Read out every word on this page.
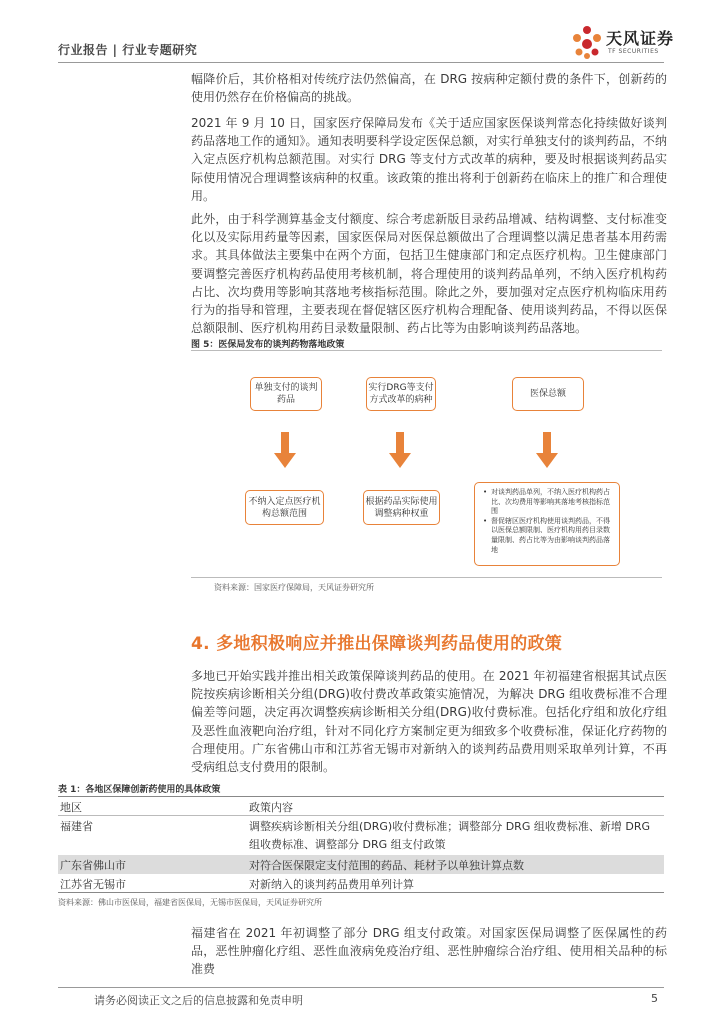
行业报告 | 行业专题研究
天风证券
TF SECURITIES
幅降价后，其价格相对传统疗法仍然偏高，在 DRG 按病种定额付费的条件下，创新药的使用仍然存在价格偏高的挑战。
2021 年 9 月 10 日，国家医疗保障局发布《关于适应国家医保谈判常态化持续做好谈判药品落地工作的通知》。通知表明要科学设定医保总额，对实行单独支付的谈判药品，不纳入定点医疗机构总额范围。对实行 DRG 等支付方式改革的病种，要及时根据谈判药品实际使用情况合理调整该病种的权重。该政策的推出将利于创新药在临床上的推广和合理使用。
此外，由于科学测算基金支付额度、综合考虑新版目录药品增减、结构调整、支付标准变化以及实际用药量等因素，国家医保局对医保总额做出了合理调整以满足患者基本用药需求。其具体做法主要集中在两个方面，包括卫生健康部门和定点医疗机构。卫生健康部门要调整完善医疗机构药品使用考核机制，将合理使用的谈判药品单列，不纳入医疗机构药占比、次均费用等影响其落地考核指标范围。除此之外，要加强对定点医疗机构临床用药行为的指导和管理，主要表现在督促辖区医疗机构合理配备、使用谈判药品，不得以医保总额限制、医疗机构用药目录数量限制、药占比等为由影响谈判药品落地。
图 5：医保局发布的谈判药物落地政策
单独支付的谈判药品
实行DRG等支付方式改革的病种
医保总额
不纳入定点医疗机构总额范围
根据药品实际使用调整病种权重
• 对谈判药品单列，不纳入医疗机构药占比、次均费用等影响其落地考核指标范围
• 督促辖区医疗机构使用谈判药品，不得以医保总额限制、医疗机构用药目录数量限制、药占比等为由影响谈判药品落地
资料来源：国家医疗保障局，天风证券研究所
4. 多地积极响应并推出保障谈判药品使用的政策
多地已开始实践并推出相关政策保障谈判药品的使用。在 2021 年初福建省根据其试点医院按疾病诊断相关分组(DRG)收付费改革政策实施情况，为解决 DRG 组收费标准不合理偏差等问题，决定再次调整疾病诊断相关分组(DRG)收付费标准。包括化疗组和放化疗组及恶性血液靶向治疗组，针对不同化疗方案制定更为细致多个收费标准，保证化疗药物的合理使用。广东省佛山市和江苏省无锡市对新纳入的谈判药品费用则采取单列计算，不再受病组总支付费用的限制。
表 1：各地区保障创新药使用的具体政策
地区	政策内容
福建省	调整疾病诊断相关分组(DRG)收付费标准；调整部分 DRG 组收费标准、新增 DRG 组收费标准、调整部分 DRG 组支付政策
广东省佛山市	对符合医保限定支付范围的药品、耗材予以单独计算点数
江苏省无锡市	对新纳入的谈判药品费用单列计算
资料来源：佛山市医保局，福建省医保局，无锡市医保局，天风证券研究所
福建省在 2021 年初调整了部分 DRG 组支付政策。对国家医保局调整了医保属性的药品，恶性肿瘤化疗组、恶性血液病免疫治疗组、恶性肿瘤综合治疗组、使用相关品种的标准费
请务必阅读正文之后的信息披露和免责申明	5
